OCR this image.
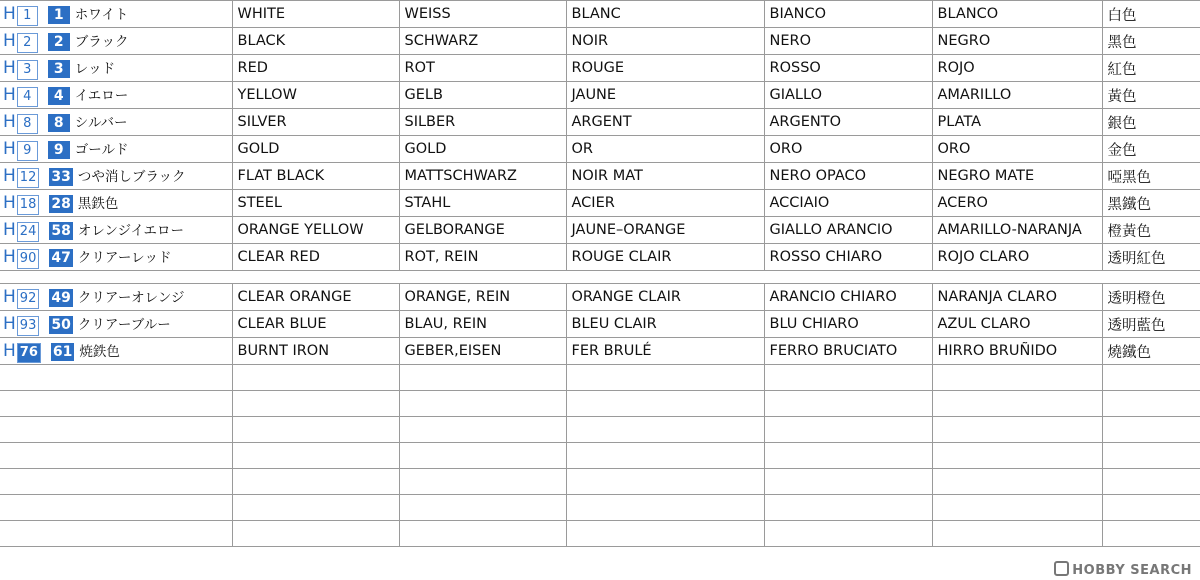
H 1 1 ホワイト	WHITE	WEISS	BLANC	BIANCO	BLANCO	白色
H 2 2 ブラック	BLACK	SCHWARZ	NOIR	NERO	NEGRO	黑色
H 3 3 レッド	RED	ROT	ROUGE	ROSSO	ROJO	紅色
H 4 4 イエロー	YELLOW	GELB	JAUNE	GIALLO	AMARILLO	黃色
H 8 8 シルバー	SILVER	SILBER	ARGENT	ARGENTO	PLATA	銀色
H 9 9 ゴールド	GOLD	GOLD	OR	ORO	ORO	金色
H 12 33 つや消しブラック	FLAT BLACK	MATTSCHWARZ	NOIR MAT	NERO OPACO	NEGRO MATE	啞黑色
H 18 28 黒鉄色	STEEL	STAHL	ACIER	ACCIAIO	ACERO	黑鐵色
H 24 58 オレンジイエロー	ORANGE YELLOW	GELBORANGE	JAUNE–ORANGE	GIALLO ARANCIO	AMARILLO-NARANJA	橙黃色
H 90 47 クリアーレッド	CLEAR RED	ROT, REIN	ROUGE CLAIR	ROSSO CHIARO	ROJO CLARO	透明紅色

H 92 49 クリアーオレンジ	CLEAR ORANGE	ORANGE, REIN	ORANGE CLAIR	ARANCIO CHIARO	NARANJA CLARO	透明橙色
H 93 50 クリアーブルー	CLEAR BLUE	BLAU, REIN	BLEU CLAIR	BLU CHIARO	AZUL CLARO	透明藍色
H 76 61 焼鉄色	BURNT IRON	GEBER,EISEN	FER BRULÉ	FERRO BRUCIATO	HIRRO BRUÑIDO	燒鐵色

HOBBY SEARCH
